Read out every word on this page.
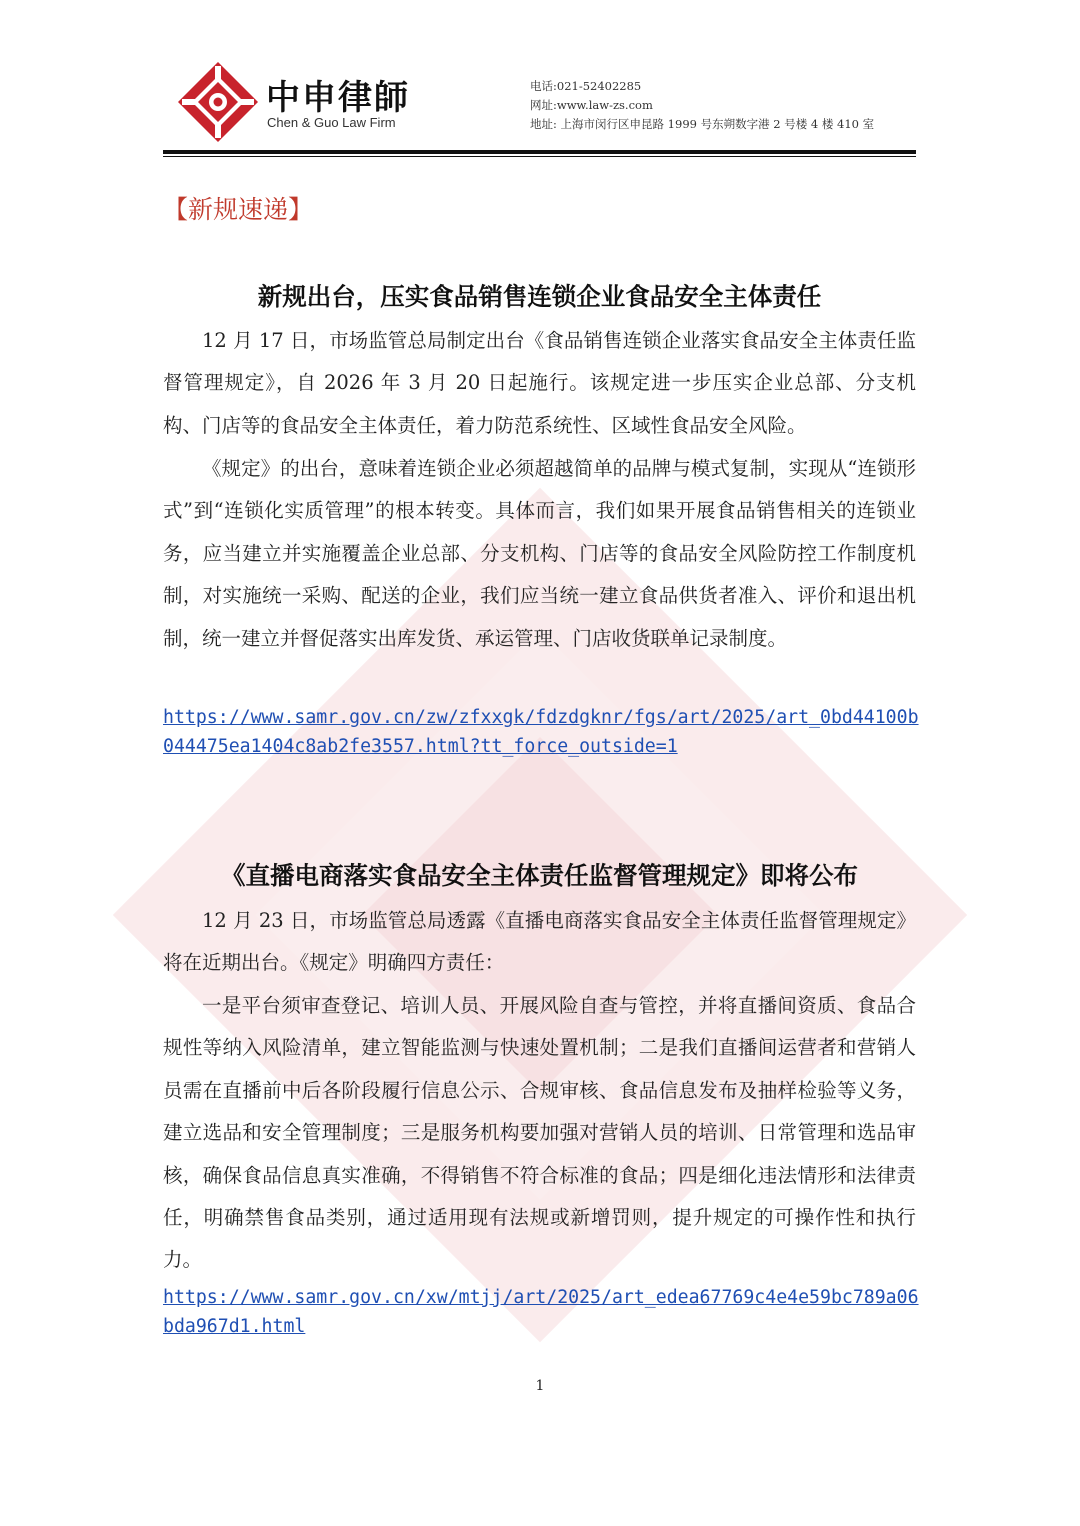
中申律師
Chen & Guo Law Firm
电话:021-52402285
网址:www.law-zs.com
地址: 上海市闵行区申昆路 1999 号东朔数字港 2 号楼 4 楼 410 室
【新规速递】
新规出台，压实食品销售连锁企业食品安全主体责任

12 月 17 日，市场监管总局制定出台《食品销售连锁企业落实食品安全主体责任监督管理规定》，自 2026 年 3 月 20 日起施行。该规定进一步压实企业总部、分支机构、门店等的食品安全主体责任，着力防范系统性、区域性食品安全风险。

《规定》的出台，意味着连锁企业必须超越简单的品牌与模式复制，实现从“连锁形式”到“连锁化实质管理”的根本转变。具体而言，我们如果开展食品销售相关的连锁业务，应当建立并实施覆盖企业总部、分支机构、门店等的食品安全风险防控工作制度机制，对实施统一采购、配送的企业，我们应当统一建立食品供货者准入、评价和退出机制，统一建立并督促落实出库发货、承运管理、门店收货联单记录制度。

https://www.samr.gov.cn/zw/zfxxgk/fdzdgknr/fgs/art/2025/art_0bd44100b044475ea1404c8ab2fe3557.html?tt_force_outside=1
《直播电商落实食品安全主体责任监督管理规定》即将公布

12 月 23 日，市场监管总局透露《直播电商落实食品安全主体责任监督管理规定》将在近期出台。《规定》明确四方责任：

一是平台须审查登记、培训人员、开展风险自查与管控，并将直播间资质、食品合规性等纳入风险清单，建立智能监测与快速处置机制；二是我们直播间运营者和营销人员需在直播前中后各阶段履行信息公示、合规审核、食品信息发布及抽样检验等义务，建立选品和安全管理制度；三是服务机构要加强对营销人员的培训、日常管理和选品审核，确保食品信息真实准确，不得销售不符合标准的食品；四是细化违法情形和法律责任，明确禁售食品类别，通过适用现有法规或新增罚则，提升规定的可操作性和执行力。

https://www.samr.gov.cn/xw/mtjj/art/2025/art_edea67769c4e4e59bc789a06bda967d1.html
1
